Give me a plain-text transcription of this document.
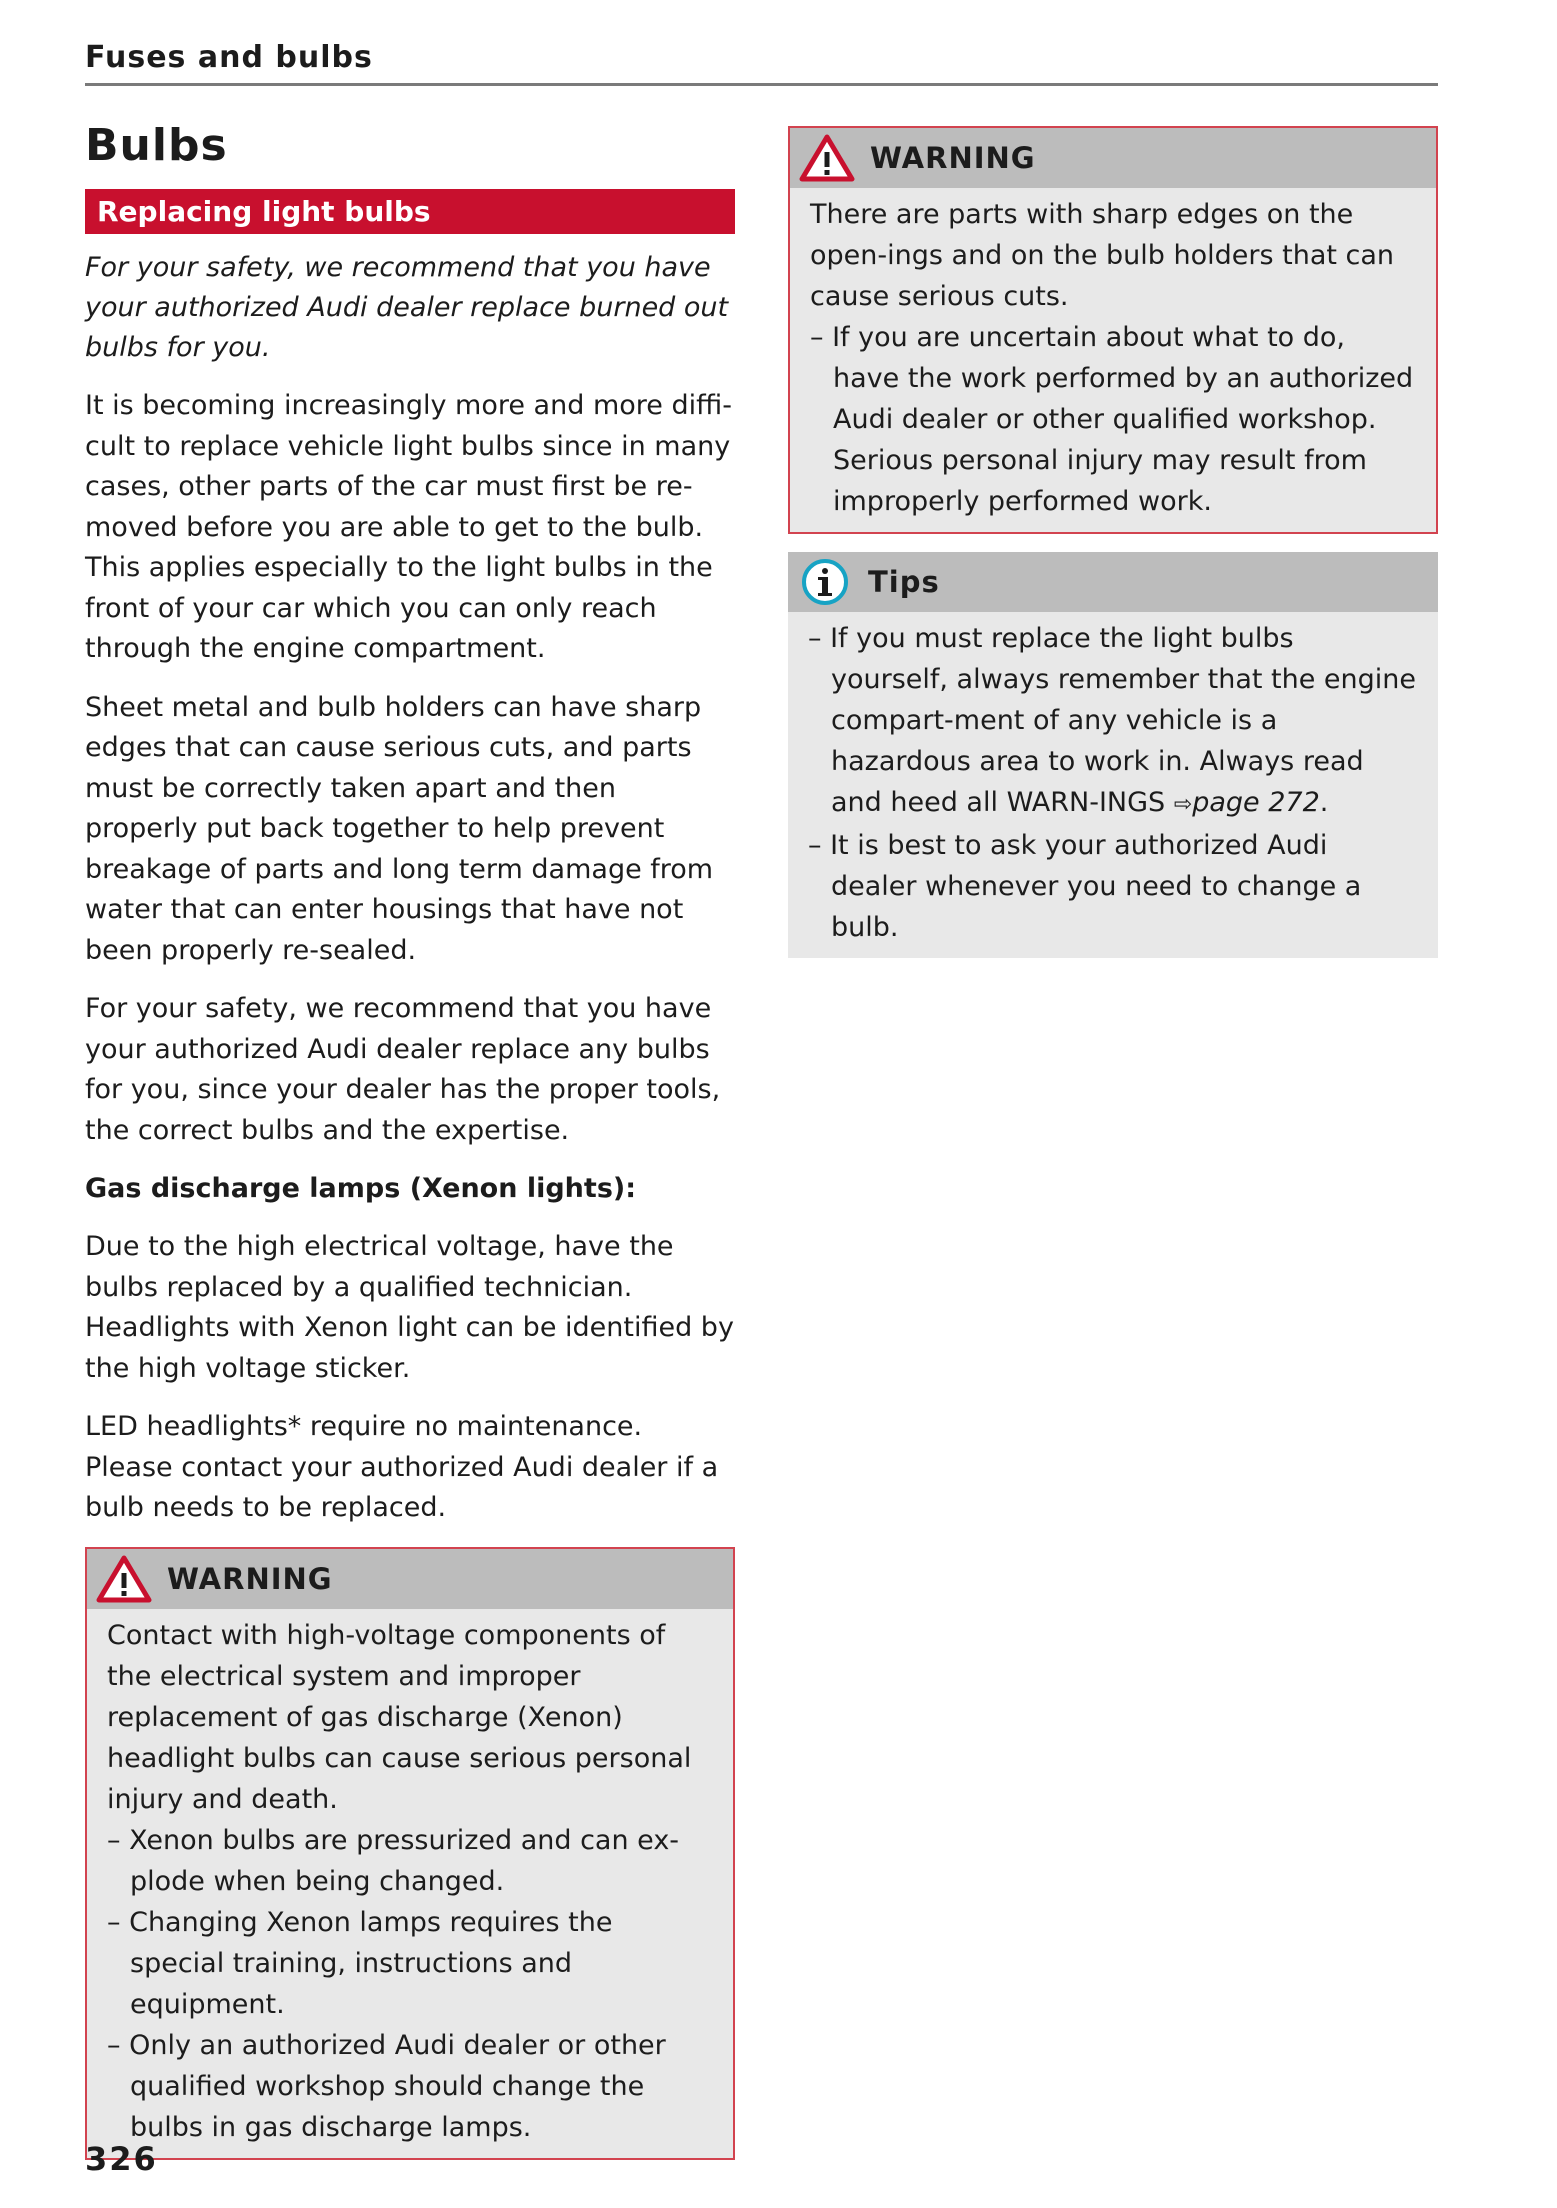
Fuses and bulbs
Bulbs
Replacing light bulbs

For your safety, we recommend that you have your authorized Audi dealer replace burned out bulbs for you.

It is becoming increasingly more and more diffi-cult to replace vehicle light bulbs since in many cases, other parts of the car must first be re-moved before you are able to get to the bulb. This applies especially to the light bulbs in the front of your car which you can only reach through the engine compartment.

Sheet metal and bulb holders can have sharp edges that can cause serious cuts, and parts must be correctly taken apart and then properly put back together to help prevent breakage of parts and long term damage from water that can enter housings that have not been properly re-sealed.

For your safety, we recommend that you have your authorized Audi dealer replace any bulbs for you, since your dealer has the proper tools, the correct bulbs and the expertise.

Gas discharge lamps (Xenon lights):

Due to the high electrical voltage, have the bulbs replaced by a qualified technician. Headlights with Xenon light can be identified by the high voltage sticker.

LED headlights* require no maintenance. Please contact your authorized Audi dealer if a bulb needs to be replaced.

WARNING

Contact with high-voltage components of the electrical system and improper replacement of gas discharge (Xenon) headlight bulbs can cause serious personal injury and death.

– Xenon bulbs are pressurized and can ex-plode when being changed.
– Changing Xenon lamps requires the special training, instructions and equipment.
– Only an authorized Audi dealer or other qualified workshop should change the bulbs in gas discharge lamps.
WARNING

There are parts with sharp edges on the open-ings and on the bulb holders that can cause serious cuts.

– If you are uncertain about what to do, have the work performed by an authorized Audi dealer or other qualified workshop. Serious personal injury may result from improperly performed work.
Tips
– If you must replace the light bulbs yourself, always remember that the engine compart-ment of any vehicle is a hazardous area to work in. Always read and heed all WARN-INGS ⇨page 272.
– It is best to ask your authorized Audi dealer whenever you need to change a bulb.
326
